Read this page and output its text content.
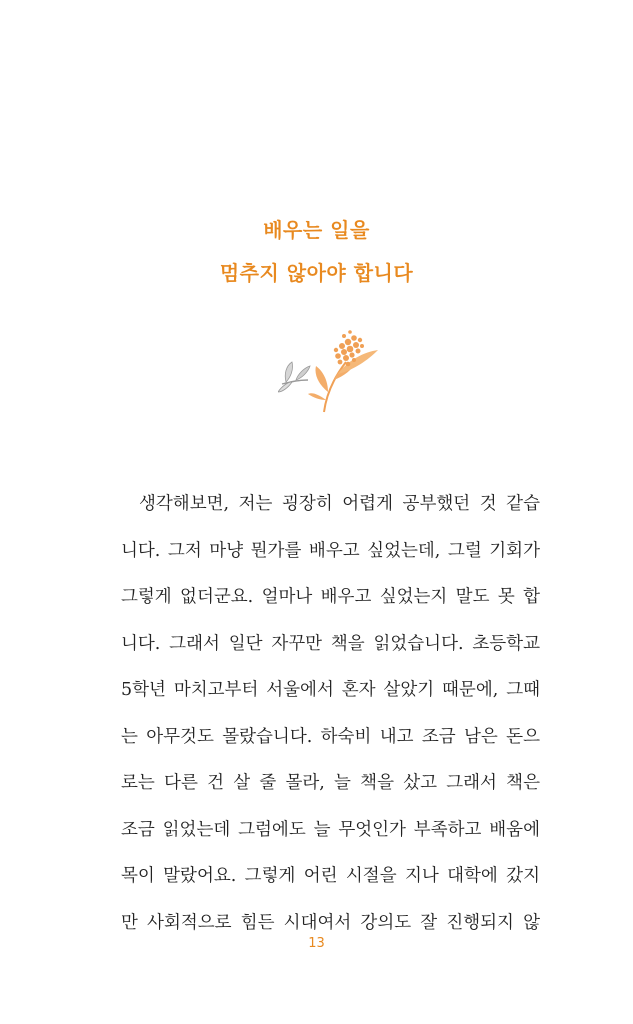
배우는 일을
멈추지 않아야 합니다
생각해보면, 저는 굉장히 어렵게 공부했던 것 같습
니다. 그저 마냥 뭔가를 배우고 싶었는데, 그럴 기회가
그렇게 없더군요. 얼마나 배우고 싶었는지 말도 못 합
니다. 그래서 일단 자꾸만 책을 읽었습니다. 초등학교
5학년 마치고부터 서울에서 혼자 살았기 때문에, 그때
는 아무것도 몰랐습니다. 하숙비 내고 조금 남은 돈으
로는 다른 건 살 줄 몰라, 늘 책을 샀고 그래서 책은
조금 읽었는데 그럼에도 늘 무엇인가 부족하고 배움에
목이 말랐어요. 그렇게 어린 시절을 지나 대학에 갔지
만 사회적으로 힘든 시대여서 강의도 잘 진행되지 않
13
